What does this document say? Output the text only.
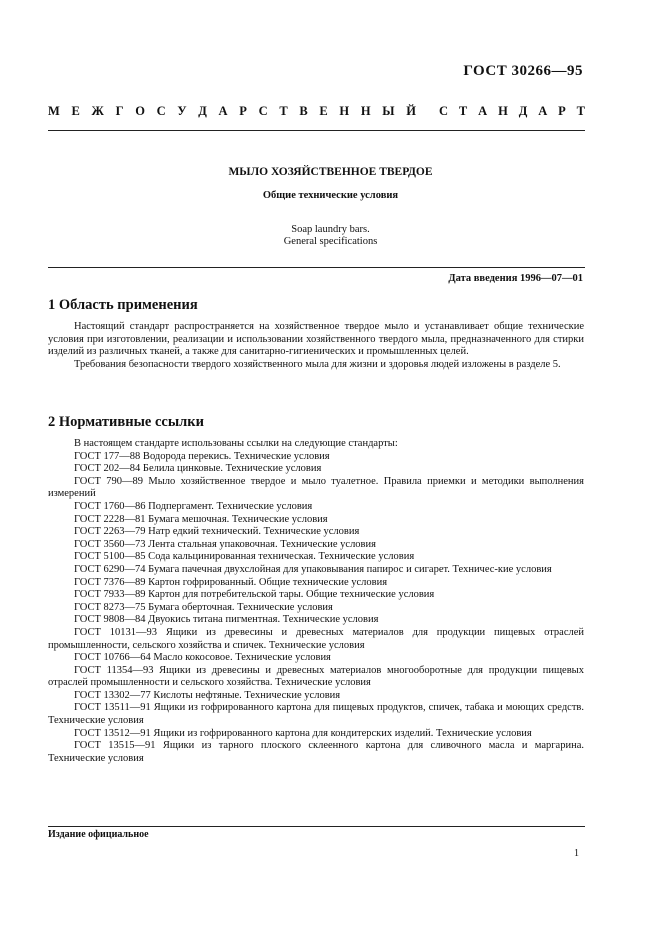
ГОСТ 30266—95
М Е Ж Г О С У Д А Р С Т В Е Н Н Ы Й С Т А Н Д А Р Т
МЫЛО ХОЗЯЙСТВЕННОЕ ТВЕРДОЕ
Общие технические условия
Soap laundry bars.
General specifications
Дата введения 1996—07—01
1 Область применения

Настоящий стандарт распространяется на хозяйственное твердое мыло и устанавливает общие технические условия при изготовлении, реализации и использовании хозяйственного твердого мыла, предназначенного для стирки изделий из различных тканей, а также для санитарно-гигиенических и промышленных целей.

Требования безопасности твердого хозяйственного мыла для жизни и здоровья людей изложены в разделе 5.

2 Нормативные ссылки

В настоящем стандарте использованы ссылки на следующие стандарты:

ГОСТ 177—88 Водорода перекись. Технические условия

ГОСТ 202—84 Белила цинковые. Технические условия

ГОСТ 790—89 Мыло хозяйственное твердое и мыло туалетное. Правила приемки и методики выполнения измерений

ГОСТ 1760—86 Подпергамент. Технические условия

ГОСТ 2228—81 Бумага мешочная. Технические условия

ГОСТ 2263—79 Натр едкий технический. Технические условия

ГОСТ 3560—73 Лента стальная упаковочная. Технические условия

ГОСТ 5100—85 Сода кальцинированная техническая. Технические условия

ГОСТ 6290—74 Бумага пачечная двухслойная для упаковывания папирос и сигарет. Техничес-кие условия

ГОСТ 7376—89 Картон гофрированный. Общие технические условия

ГОСТ 7933—89 Картон для потребительской тары. Общие технические условия

ГОСТ 8273—75 Бумага оберточная. Технические условия

ГОСТ 9808—84 Двуокись титана пигментная. Технические условия

ГОСТ 10131—93 Ящики из древесины и древесных материалов для продукции пищевых отраслей промышленности, сельского хозяйства и спичек. Технические условия

ГОСТ 10766—64 Масло кокосовое. Технические условия

ГОСТ 11354—93 Ящики из древесины и древесных материалов многооборотные для продукции пищевых отраслей промышленности и сельского хозяйства. Технические условия

ГОСТ 13302—77 Кислоты нефтяные. Технические условия

ГОСТ 13511—91 Ящики из гофрированного картона для пищевых продуктов, спичек, табака и моющих средств. Технические условия

ГОСТ 13512—91 Ящики из гофрированного картона для кондитерских изделий. Технические условия

ГОСТ 13515—91 Ящики из тарного плоского склеенного картона для сливочного масла и маргарина. Технические условия

Издание официальное
1
